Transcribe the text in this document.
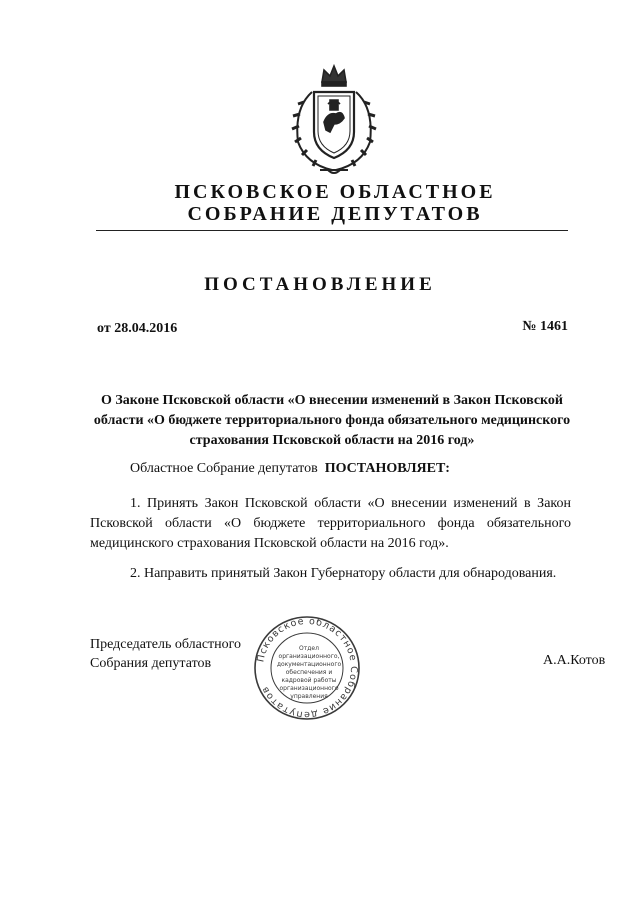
ПСКОВСКОЕ ОБЛАСТНОЕ
СОБРАНИЕ ДЕПУТАТОВ
ПОСТАНОВЛЕНИЕ
от 28.04.2016	№ 1461
О Законе Псковской области «О внесении изменений в Закон Псковской
области «О бюджете территориального фонда обязательного медицинского
страхования Псковской области на 2016 год»
Областное Собрание депутатов ПОСТАНОВЛЯЕТ:
1. Принять Закон Псковской области «О внесении изменений в Закон Псковской области «О бюджете территориального фонда обязательного медицинского страхования Псковской области на 2016 год».
2. Направить принятый Закон Губернатору области для обнародования.
Председатель областного
Собрания депутатов	А.А.Котов
Псковское областное Собрание депутатов
Отдел
организационного,
документационного
обеспечения и
кадровой работы
организационного
управления
